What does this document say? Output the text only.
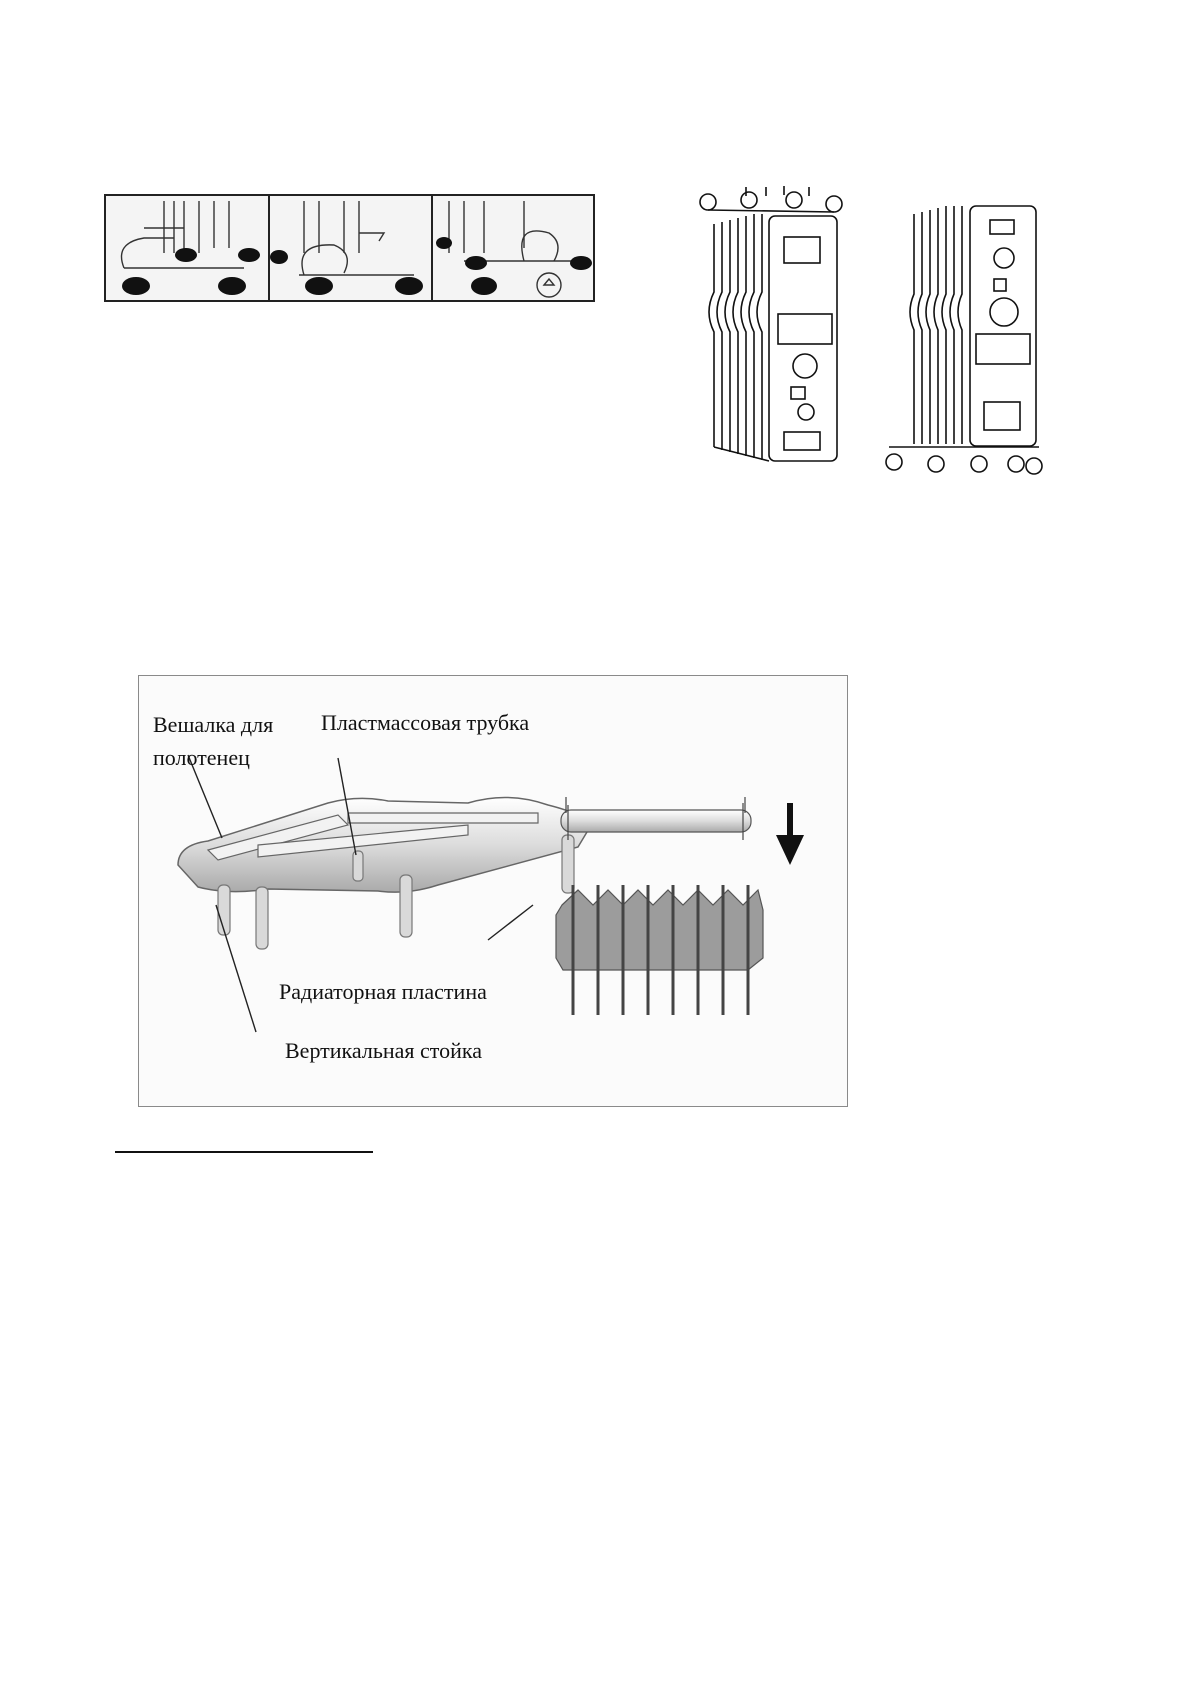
Вешалка для
полотенец
Пластмассовая трубка
Радиаторная пластина
Вертикальная стойка
